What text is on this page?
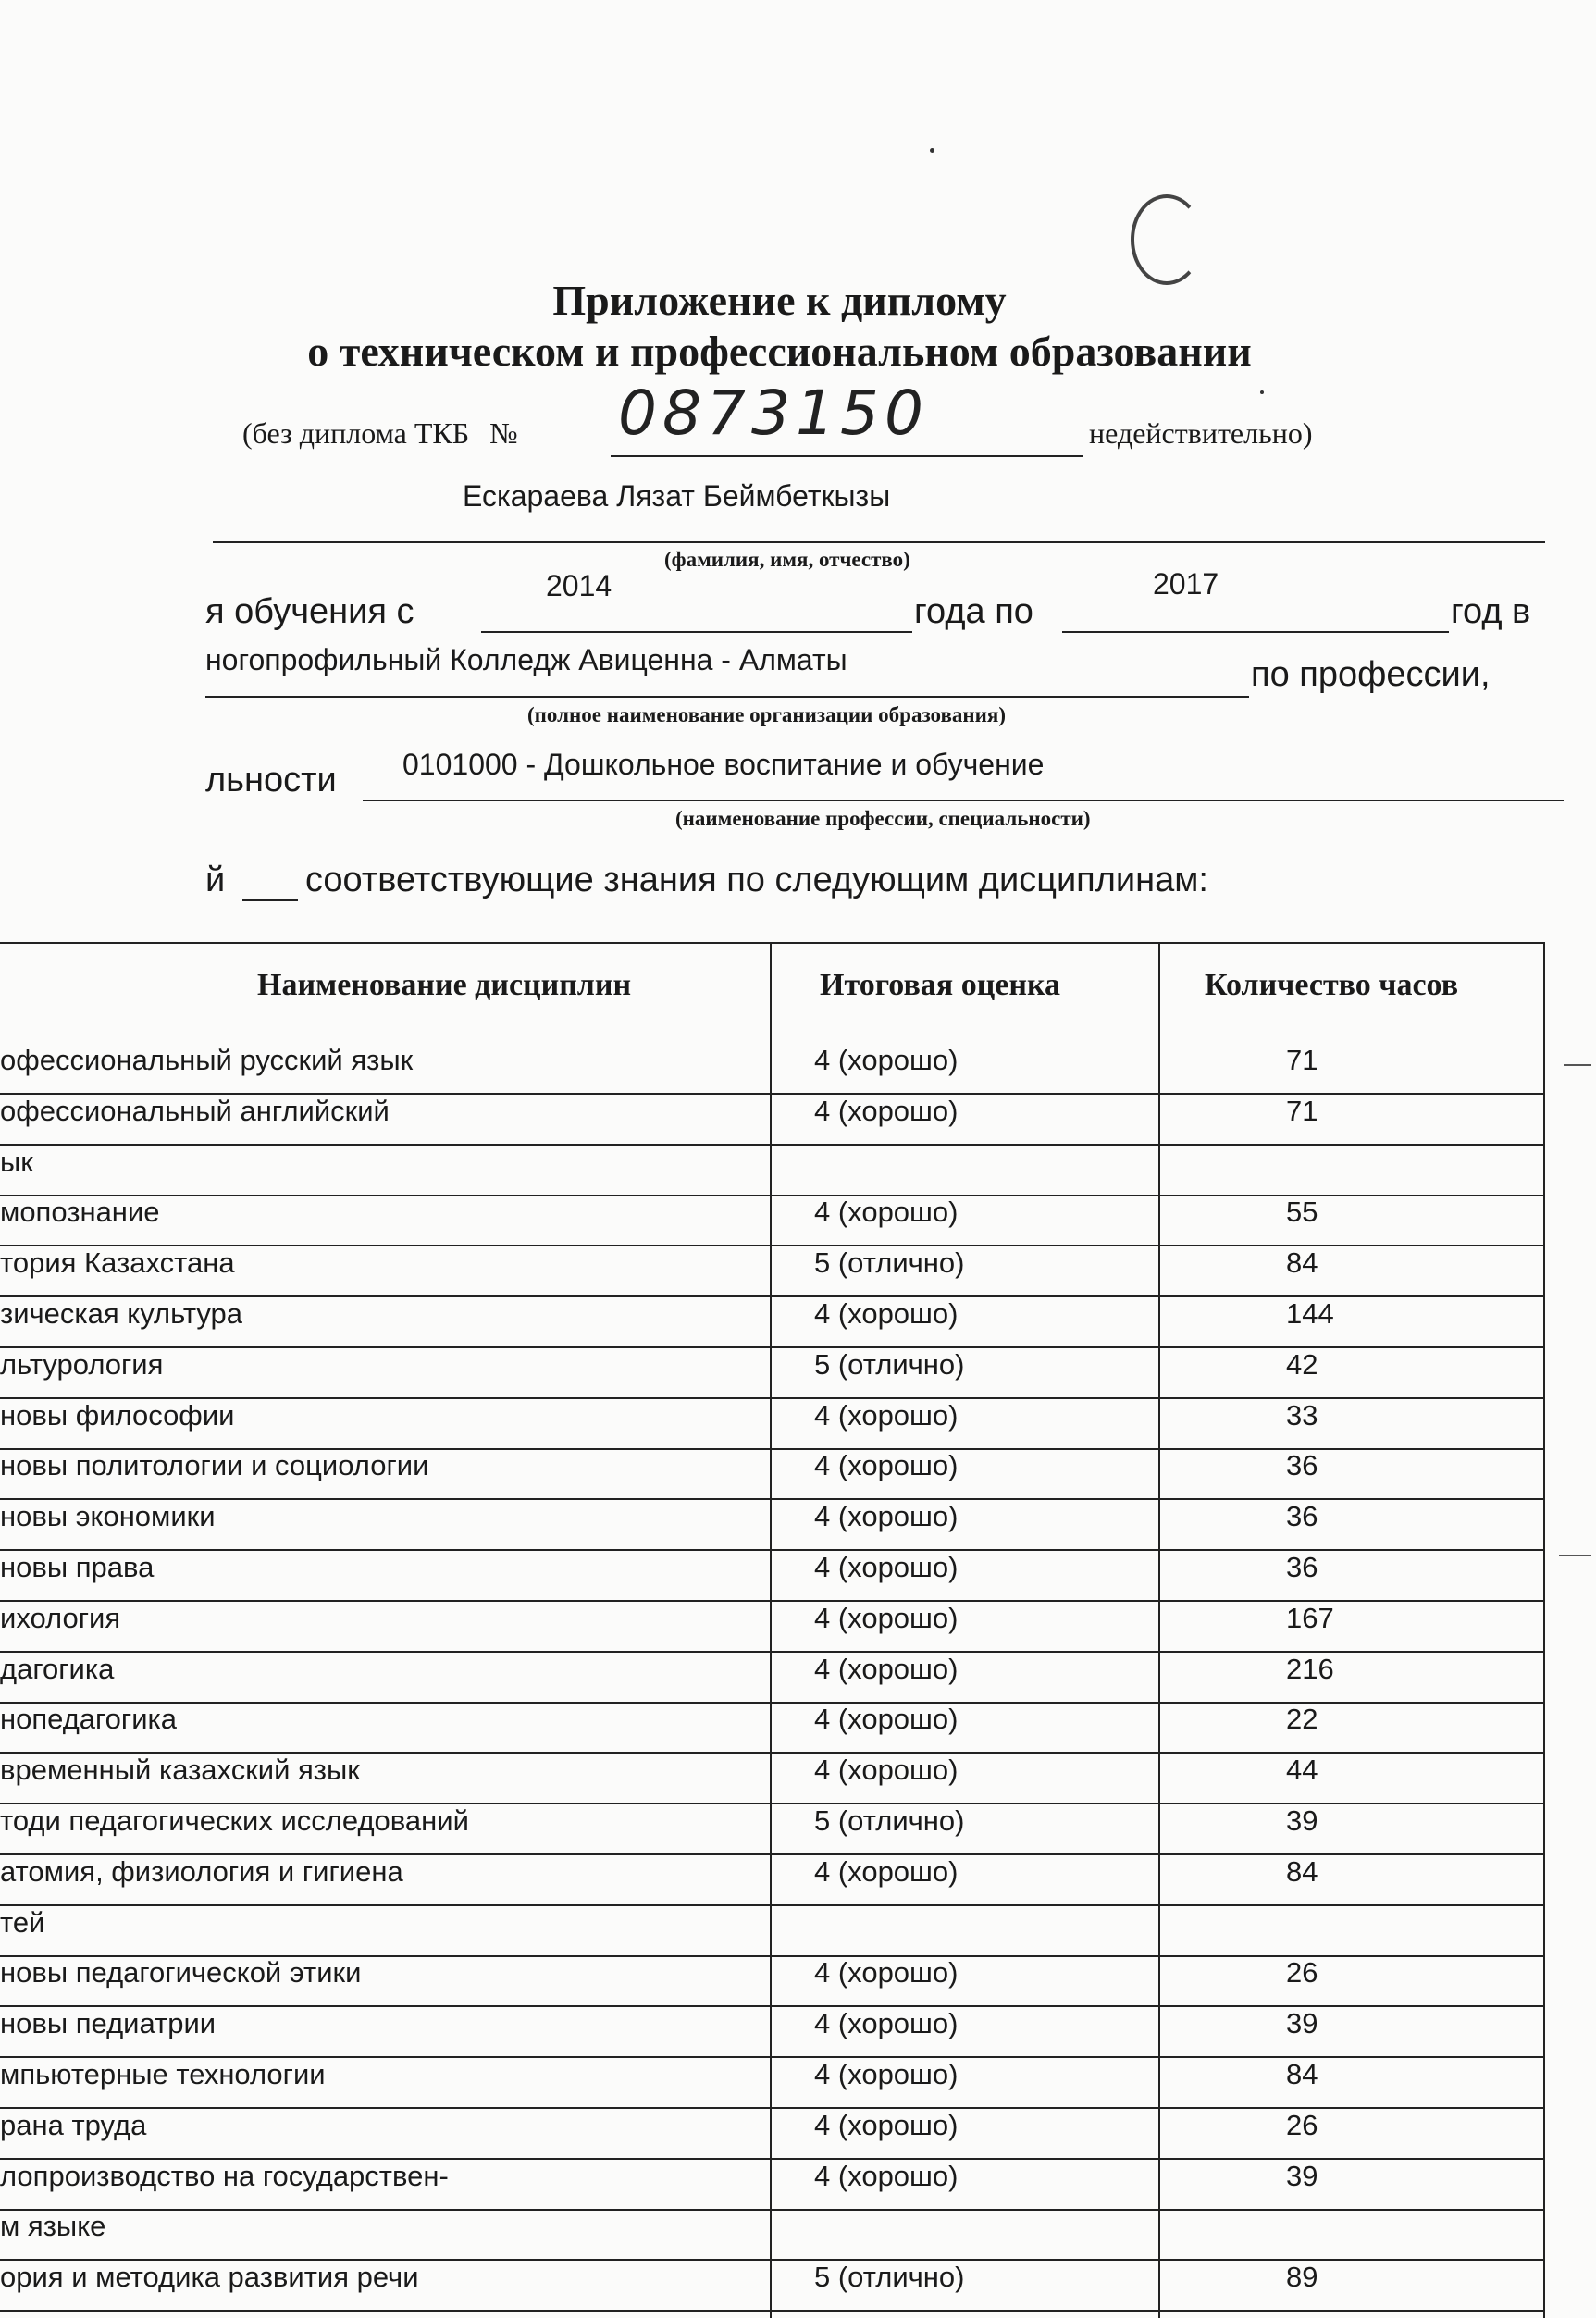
Приложение к диплому
о техническом и профессиональном образовании
(без диплома ТКБ № 0873150	недействительно)
Ескараева Лязат Беймбеткызы
(фамилия, имя, отчество)
2014	2017
я обучения с	года по	год в
ногопрофильный Колледж Авиценна - Алматы	по профессии,
(полное наименование организации образования)
0101000 - Дошкольное воспитание и обучение
льности
(наименование профессии, специальности)
й соответствующие знания по следующим дисциплинам:
Наименование дисциплин	Итоговая оценка	Количество часов
офессиональный русский язык	4 (хорошо)	71
офессиональный английский	4 (хорошо)	71
ык
мопознание	4 (хорошо)	55
тория Казахстана	5 (отлично)	84
зическая культура	4 (хорошо)	144
льтурология	5 (отлично)	42
новы философии	4 (хорошо)	33
новы политологии и социологии	4 (хорошо)	36
новы экономики	4 (хорошо)	36
новы права	4 (хорошо)	36
ихология	4 (хорошо)	167
дагогика	4 (хорошо)	216
нопедагогика	4 (хорошо)	22
временный казахский язык	4 (хорошо)	44
тоди педагогических исследований	5 (отлично)	39
атомия, физиология и гигиена	4 (хорошо)	84
тей
новы педагогической этики	4 (хорошо)	26
новы педиатрии	4 (хорошо)	39
мпьютерные технологии	4 (хорошо)	84
рана труда	4 (хорошо)	26
лопроизводство на государствен-	4 (хорошо)	39
м языке
ория и методика развития речи	5 (отлично)	89
